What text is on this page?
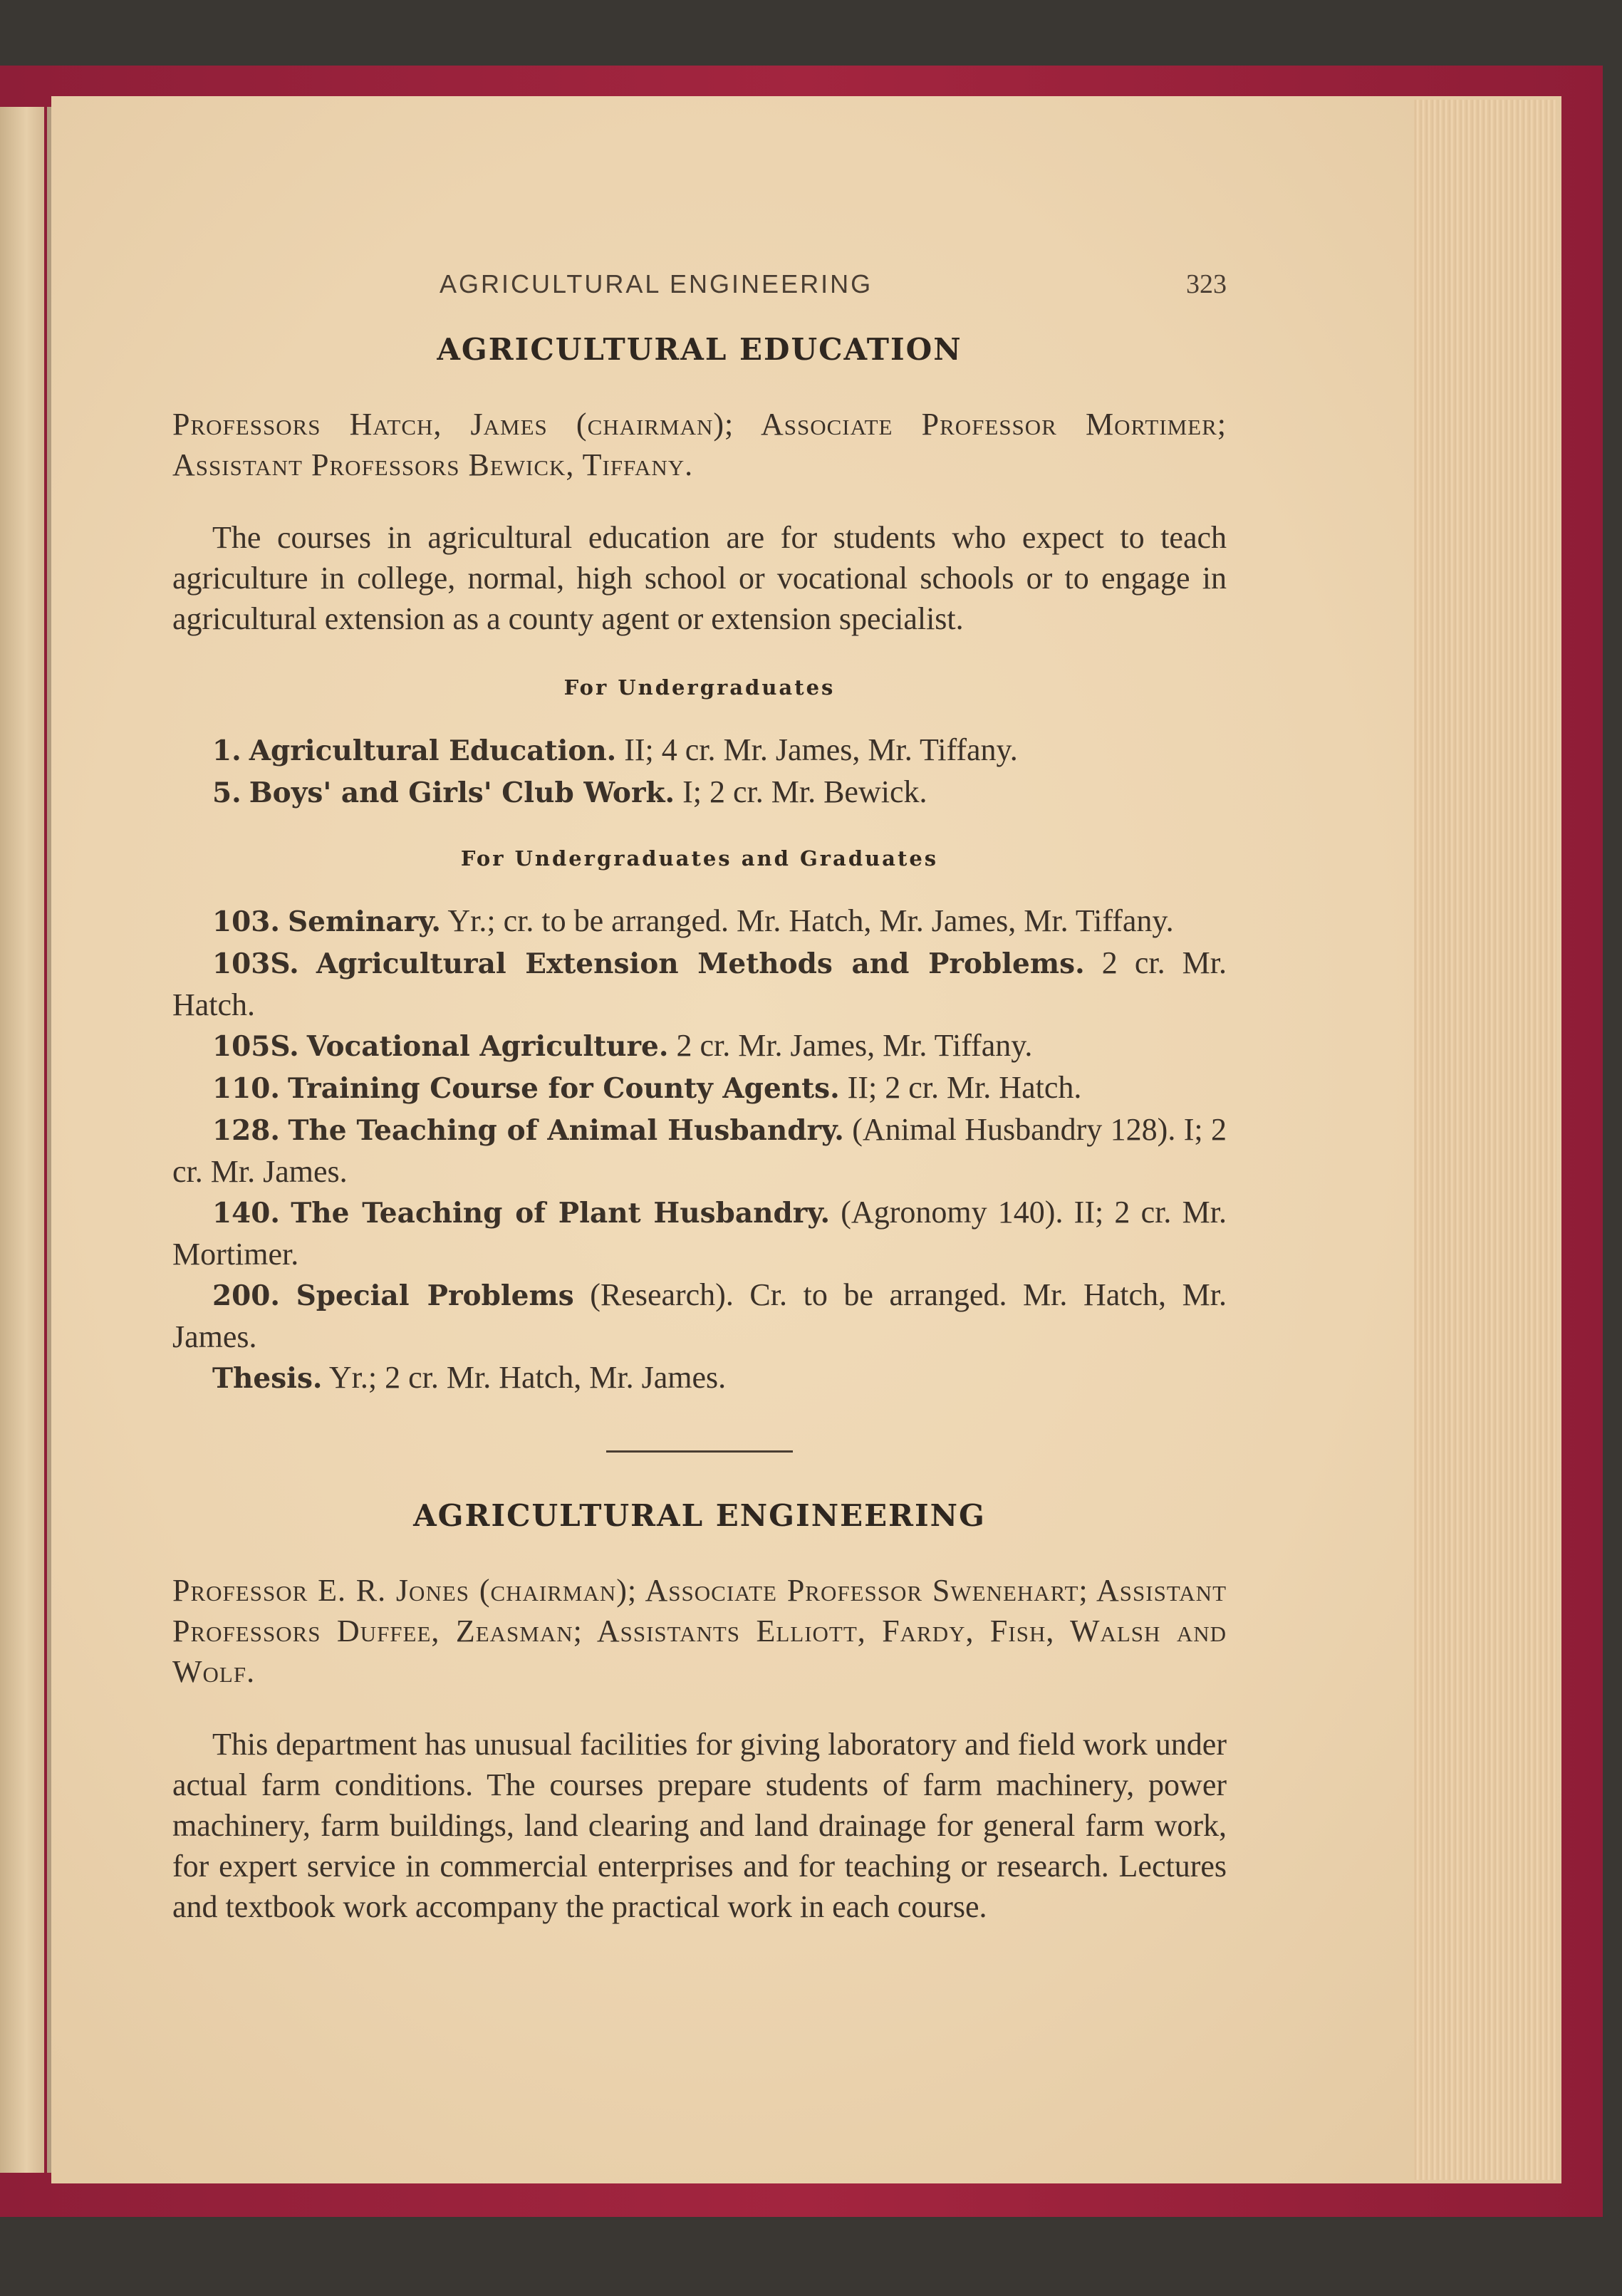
AGRICULTURAL ENGINEERING	323
AGRICULTURAL EDUCATION

Professors Hatch, James (chairman); Associate Professor Mortimer; Assistant Professors Bewick, Tiffany.

The courses in agricultural education are for students who expect to teach agriculture in college, normal, high school or vocational schools or to engage in agricultural extension as a county agent or extension specialist.

For Undergraduates

1. Agricultural Education. II; 4 cr. Mr. James, Mr. Tiffany.

5. Boys' and Girls' Club Work. I; 2 cr. Mr. Bewick.

For Undergraduates and Graduates

103. Seminary. Yr.; cr. to be arranged. Mr. Hatch, Mr. James, Mr. Tiffany.

103S. Agricultural Extension Methods and Problems. 2 cr. Mr. Hatch.

105S. Vocational Agriculture. 2 cr. Mr. James, Mr. Tiffany.

110. Training Course for County Agents. II; 2 cr. Mr. Hatch.

128. The Teaching of Animal Husbandry. (Animal Husbandry 128). I; 2 cr. Mr. James.

140. The Teaching of Plant Husbandry. (Agronomy 140). II; 2 cr. Mr. Mortimer.

200. Special Problems (Research). Cr. to be arranged. Mr. Hatch, Mr. James.

Thesis. Yr.; 2 cr. Mr. Hatch, Mr. James.

AGRICULTURAL ENGINEERING

Professor E. R. Jones (chairman); Associate Professor Swenehart; Assistant Professors Duffee, Zeasman; Assistants Elliott, Fardy, Fish, Walsh and Wolf.

This department has unusual facilities for giving laboratory and field work under actual farm conditions. The courses prepare students of farm machinery, power machinery, farm buildings, land clearing and land drainage for general farm work, for expert service in commercial enterprises and for teaching or research. Lectures and textbook work accompany the practical work in each course.
